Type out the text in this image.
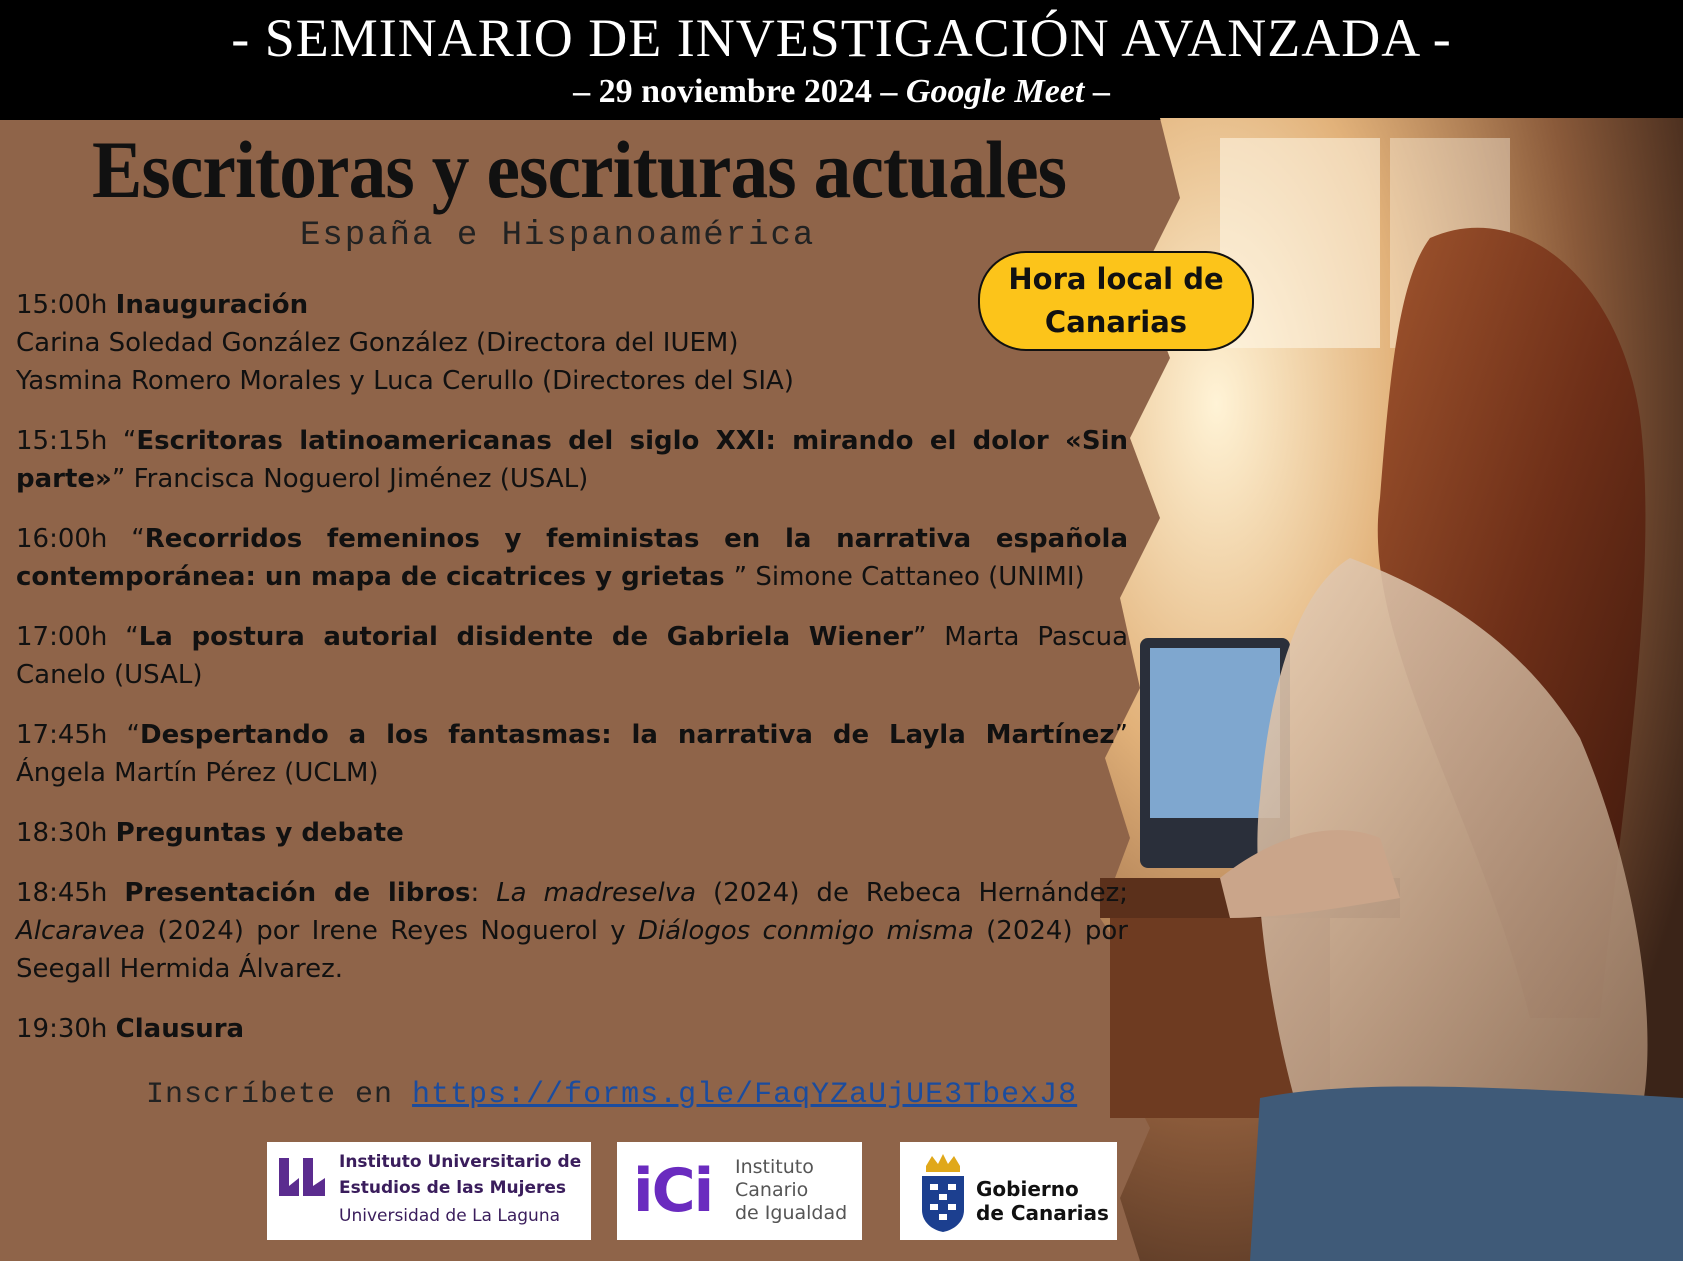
- SEMINARIO DE INVESTIGACIÓN AVANZADA -
– 29 noviembre 2024 – Google Meet –
Escritoras y escrituras actuales
España e Hispanoamérica
Hora local de Canarias
15:00h Inauguración
Carina Soledad González González (Directora del IUEM)
Yasmina Romero Morales y Luca Cerullo (Directores del SIA)
15:15h “Escritoras latinoamericanas del siglo XXI: mirando el dolor «Sin parte»” Francisca Noguerol Jiménez (USAL)
16:00h “Recorridos femeninos y feministas en la narrativa española contemporánea: un mapa de cicatrices y grietas ” Simone Cattaneo (UNIMI)
17:00h “La postura autorial disidente de Gabriela Wiener” Marta Pascua Canelo (USAL)
17:45h “Despertando a los fantasmas: la narrativa de Layla Martínez” Ángela Martín Pérez (UCLM)
18:30h Preguntas y debate
18:45h Presentación de libros: La madreselva (2024) de Rebeca Hernández; Alcaravea (2024) por Irene Reyes Noguerol y Diálogos conmigo misma (2024) por Seegall Hermida Álvarez.
19:30h Clausura
Inscríbete en https://forms.gle/FaqYZaUjUE3TbexJ8
Instituto Universitario de
Estudios de las Mujeres
Universidad de La Laguna iCi Instituto
Canario
de Igualdad
Gobierno
de Canarias
